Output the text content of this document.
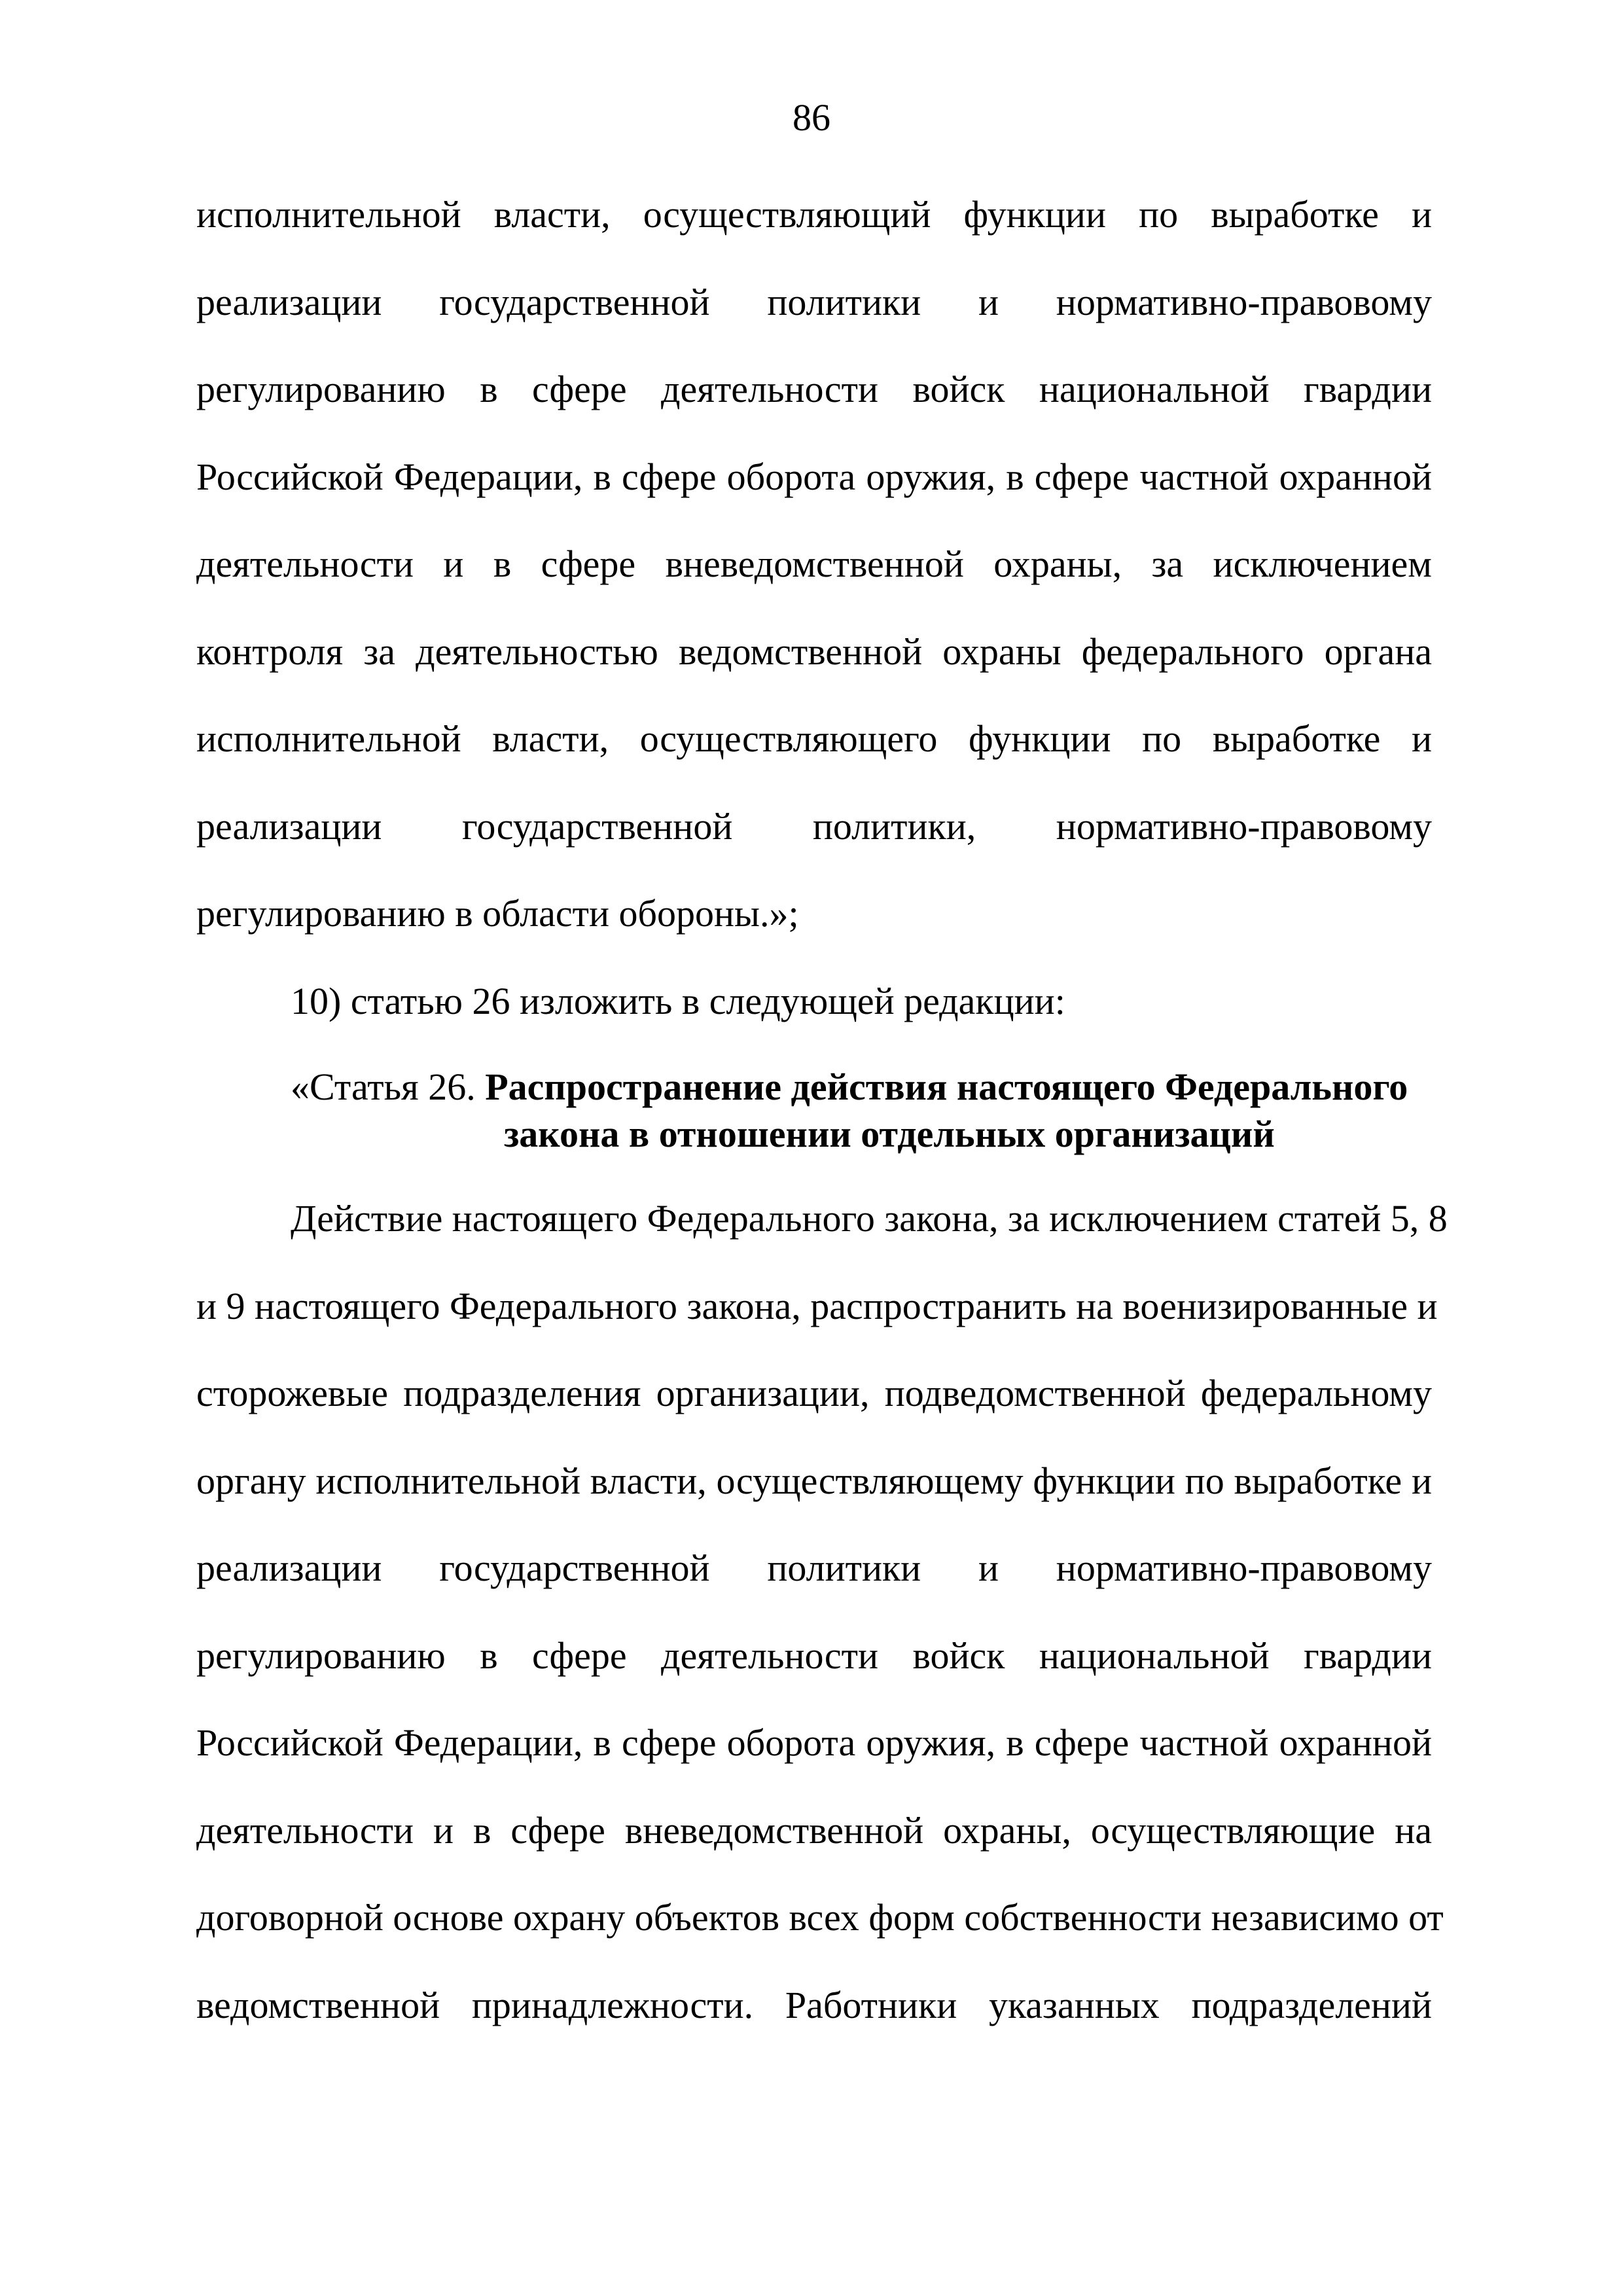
86
исполнительной власти, осуществляющий функции по выработке и
реализации государственной политики и нормативно-правовому
регулированию в сфере деятельности войск национальной гвардии
Российской Федерации, в сфере оборота оружия, в сфере частной охранной
деятельности и в сфере вневедомственной охраны, за исключением
контроля за деятельностью ведомственной охраны федерального органа
исполнительной власти, осуществляющего функции по выработке и
реализации государственной политики, нормативно-правовому
регулированию в области обороны.»;
10) статью 26 изложить в следующей редакции:
«Статья 26. Распространение действия настоящего Федерального
закона в отношении отдельных организаций
Действие настоящего Федерального закона, за исключением статей 5, 8
и 9 настоящего Федерального закона, распространить на военизированные и
сторожевые подразделения организации, подведомственной федеральному
органу исполнительной власти, осуществляющему функции по выработке и
реализации государственной политики и нормативно-правовому
регулированию в сфере деятельности войск национальной гвардии
Российской Федерации, в сфере оборота оружия, в сфере частной охранной
деятельности и в сфере вневедомственной охраны, осуществляющие на
договорной основе охрану объектов всех форм собственности независимо от
ведомственной принадлежности. Работники указанных подразделений
